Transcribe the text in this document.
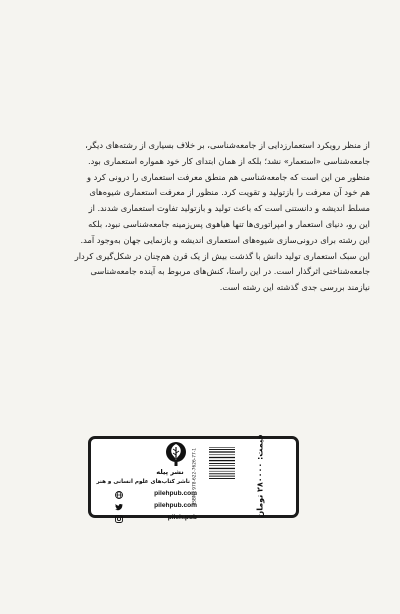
از منظر رویکرد استعمارزدایی از جامعه‌شناسی، بر خلاف بسیاری از رشته‌های دیگر،
جامعه‌شناسی «استعمار» نشد؛ بلکه از همان ابتدای کار خود همواره استعماری بود.
منظور من این است که جامعه‌شناسی هم منطق معرفت استعماری را درونی کرد و
هم خود آن معرفت را بازتولید و تقویت کرد. منظور از معرفت استعماری شیوه‌های
مسلط اندیشه و دانستنی است که باعث تولید و بازتولید تفاوت استعماری شدند. از
این رو، دنیای استعمار و امپراتوری‌ها تنها هیاهوی پس‌زمینه جامعه‌شناسی نبود، بلکه
این رشته برای درونی‌سازی شیوه‌های استعماری اندیشه و بازنمایی جهان به‌وجود آمد.
این سبک استعماری تولید دانش با گذشت بیش از یک قرن هم‌چنان در شکل‌گیری کردار
جامعه‌شناختی اثرگذار است. در این راستا، کنش‌های مربوط به آینده جامعه‌شناسی
نیازمند بررسی جدی گذشته این رشته است.
قیمت: ۲۸۰۰۰۰ تومان
ISBN : 978-622-7626-77-1
نشر پیله
ناشر کتاب‌های علوم انسانی و هنر
pilehpub.com
pilehpub.com
pileh.pub
